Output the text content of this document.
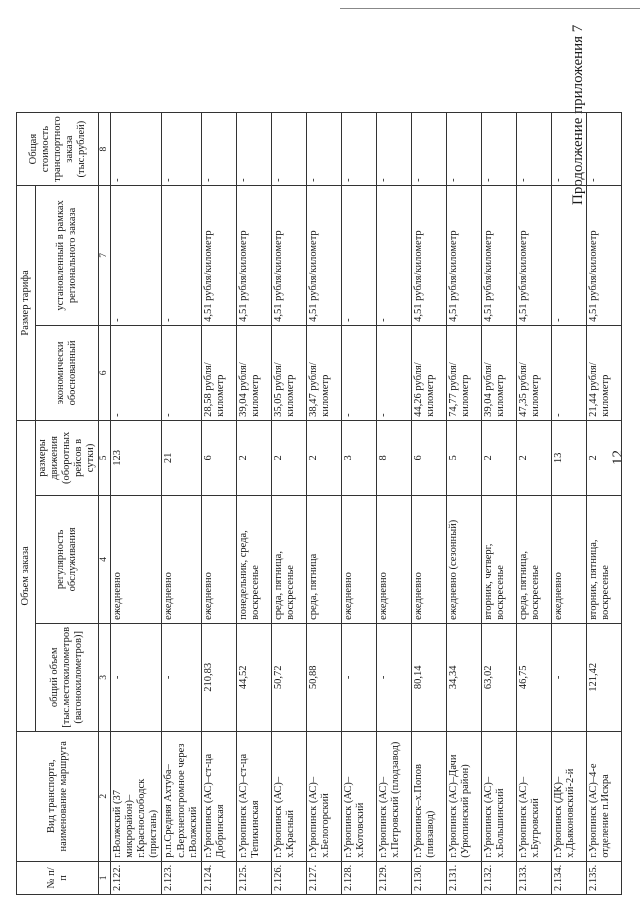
12
Продолжение приложения 7
№ п/п	Вид транспорта, наименование маршрута	Объем заказа			Размер тарифа		Общая стоимость транспортного заказа (тыс.рублей)
		общий объем [тыс.местокилометров (вагонокилометров)]	регулярность обслуживания	размеры движения (оборотных рейсов в сутки)	экономически обоснованный	установленный в рамках регионального заказа	

1	2	3	4	5	6	7	8
2.122.	г.Волжский (37 микрорайон)–г.Краснослободск (пристань)	-	ежедневно	123	-	-	-
2.123.	р.п.Средняя Ахтуба–с.Верхнепогромное через г.Волжский	-	ежедневно	21	-	-	-
2.124.	г.Урюпинск (АС)–ст-ца Добринская	210,83	ежедневно	6	28,58 рубля/километр	4,51 рубля/километр	-
2.125.	г.Урюпинск (АС)–ст-ца Тепикинская	44,52	понедельник, среда, воскресенье	2	39,04 рубля/километр	4,51 рубля/километр	-
2.126.	г.Урюпинск (АС)–х.Красный	50,72	среда, пятница, воскресенье	2	35,05 рубля/километр	4,51 рубля/километр	-
2.127.	г.Урюпинск (АС)–х.Белогорский	50,88	среда, пятница	2	38,47 рубля/километр	4,51 рубля/километр	-
2.128.	г.Урюпинск (АС)–х.Котовский	-	ежедневно	3	-	-	-
2.129.	г.Урюпинск (АС)–х.Петровский (плодзавод)	-	ежедневно	8	-	-	-
2.130.	г.Урюпинск–х.Попов (пивзавод)	80,14	ежедневно	6	44,26 рубля/километр	4,51 рубля/километр	-
2.131.	г.Урюпинск (АС)–Дачи (Урюпинский район)	34,34	ежедневно (сезонный)	5	74,77 рубля/километр	4,51 рубля/километр	-
2.132.	г.Урюпинск (АС)–х.Большинский	63,02	вторник, четверг, воскресенье	2	39,04 рубля/километр	4,51 рубля/километр	-
2.133.	г.Урюпинск (АС)–х.Бугровский	46,75	среда, пятница, воскресенье	2	47,35 рубля/километр	4,51 рубля/километр	-
2.134.	г.Урюпинск (ДК)–х.Дьяконовский-2-й	-	ежедневно	13	-	-	-
2.135.	г.Урюпинск (АС)–4-е отделение п.Искра	121,42	вторник, пятница, воскресенье	2	21,44 рубля/километр	4,51 рубля/километр	-
